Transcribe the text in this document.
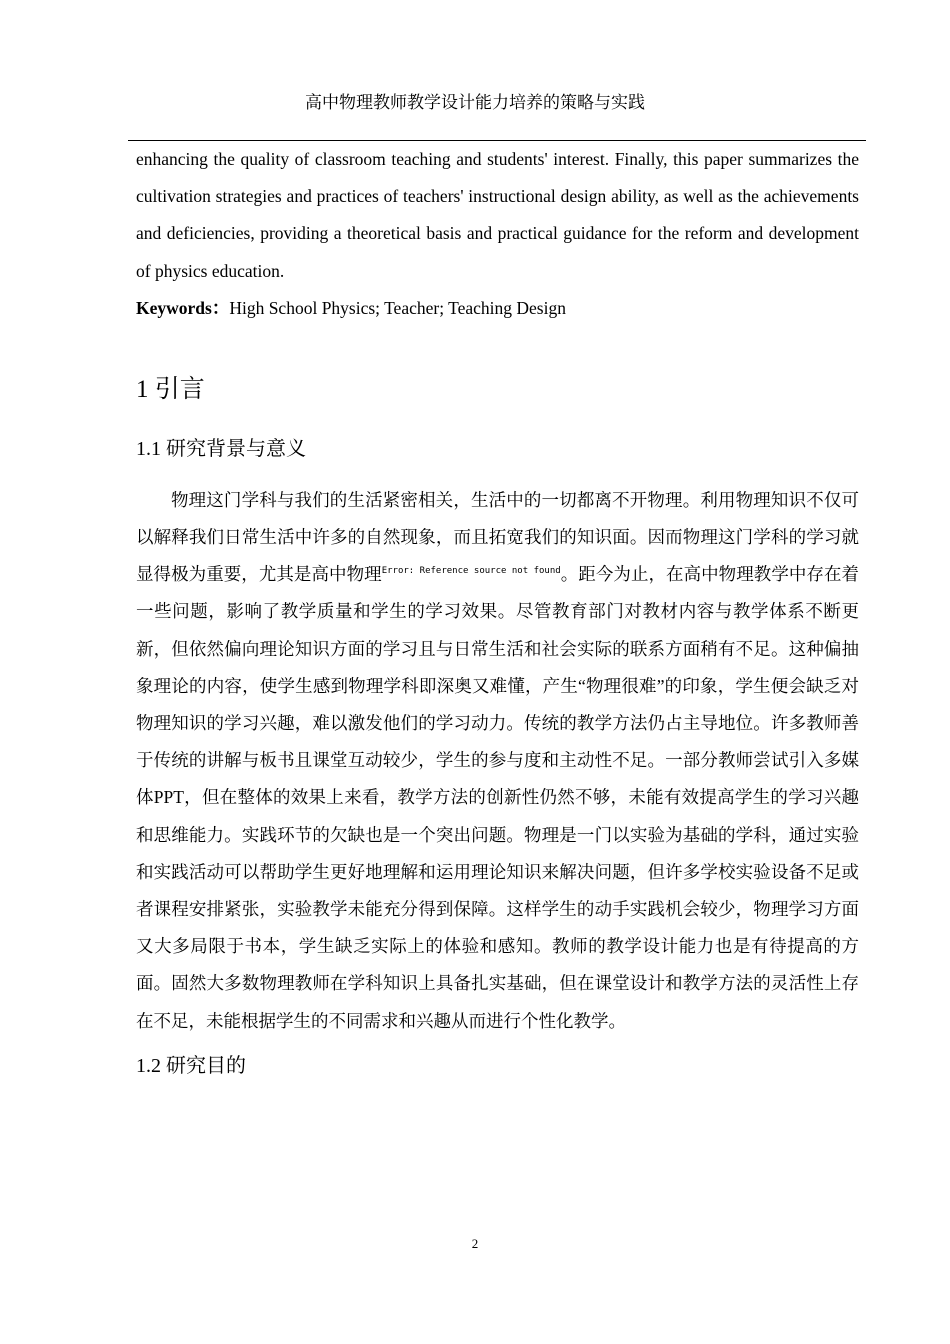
高中物理教师教学设计能力培养的策略与实践

enhancing the quality of classroom teaching and students' interest. Finally, this paper summarizes the cultivation strategies and practices of teachers' instructional design ability, as well as the achievements and deficiencies, providing a theoretical basis and practical guidance for the reform and development of physics education.

Keywords：High School Physics; Teacher; Teaching Design

1 引言
1.1 研究背景与意义

物理这门学科与我们的生活紧密相关，生活中的一切都离不开物理。利用物理知识不仅可以解释我们日常生活中许多的自然现象，而且拓宽我们的知识面。因而物理这门学科的学习就显得极为重要，尤其是高中物理$^{Error: Reference source not found}$。距今为止，在高中物理教学中存在着一些问题，影响了教学质量和学生的学习效果。尽管教育部门对教材内容与教学体系不断更新，但依然偏向理论知识方面的学习且与日常生活和社会实际的联系方面稍有不足。这种偏抽象理论的内容，使学生感到物理学科即深奥又难懂，产生“物理很难”的印象，学生便会缺乏对物理知识的学习兴趣，难以激发他们的学习动力。传统的教学方法仍占主导地位。许多教师善于传统的讲解与板书且课堂互动较少，学生的参与度和主动性不足。一部分教师尝试引入多媒体PPT，但在整体的效果上来看，教学方法的创新性仍然不够，未能有效提高学生的学习兴趣和思维能力。实践环节的欠缺也是一个突出问题。物理是一门以实验为基础的学科，通过实验和实践活动可以帮助学生更好地理解和运用理论知识来解决问题，但许多学校实验设备不足或者课程安排紧张，实验教学未能充分得到保障。这样学生的动手实践机会较少，物理学习方面又大多局限于书本，学生缺乏实际上的体验和感知。教师的教学设计能力也是有待提高的方面。固然大多数物理教师在学科知识上具备扎实基础，但在课堂设计和教学方法的灵活性上存在不足，未能根据学生的不同需求和兴趣从而进行个性化教学。

1.2 研究目的
2
